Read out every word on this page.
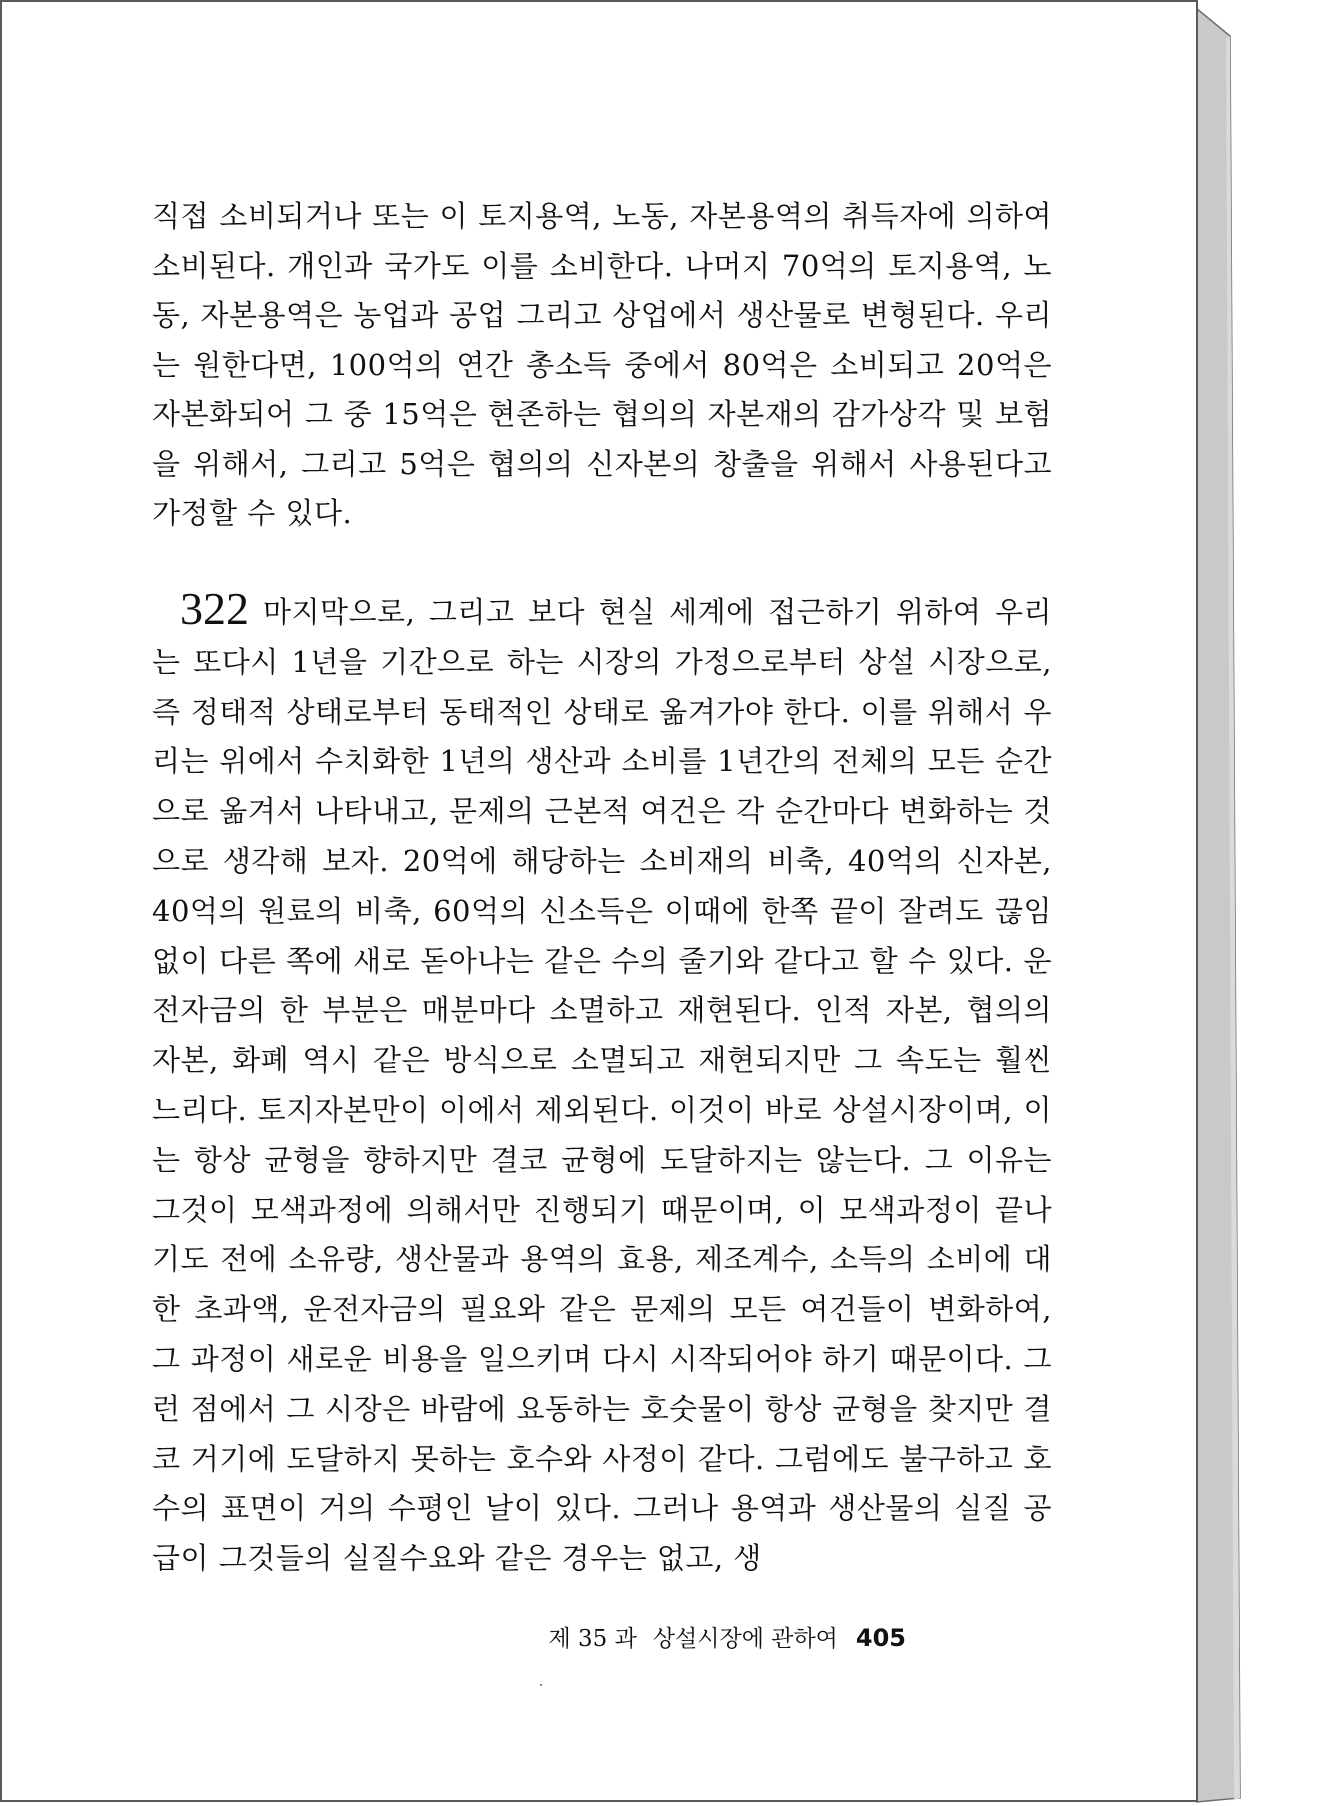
직접 소비되거나 또는 이 토지용역, 노동, 자본용역의 취득자에 의하여 소비된다. 개인과 국가도 이를 소비한다. 나머지 70억의 토지용역, 노동, 자본용역은 농업과 공업 그리고 상업에서 생산물로 변형된다. 우리는 원한다면, 100억의 연간 총소득 중에서 80억은 소비되고 20억은 자본화되어 그 중 15억은 현존하는 협의의 자본재의 감가상각 및 보험을 위해서, 그리고 5억은 협의의 신자본의 창출을 위해서 사용된다고 가정할 수 있다.
322 마지막으로, 그리고 보다 현실 세계에 접근하기 위하여 우리는 또다시 1년을 기간으로 하는 시장의 가정으로부터 상설 시장으로, 즉 정태적 상태로부터 동태적인 상태로 옮겨가야 한다. 이를 위해서 우리는 위에서 수치화한 1년의 생산과 소비를 1년간의 전체의 모든 순간으로 옮겨서 나타내고, 문제의 근본적 여건은 각 순간마다 변화하는 것으로 생각해 보자. 20억에 해당하는 소비재의 비축, 40억의 신자본, 40억의 원료의 비축, 60억의 신소득은 이때에 한쪽 끝이 잘려도 끊임없이 다른 쪽에 새로 돋아나는 같은 수의 줄기와 같다고 할 수 있다. 운전자금의 한 부분은 매분마다 소멸하고 재현된다. 인적 자본, 협의의 자본, 화폐 역시 같은 방식으로 소멸되고 재현되지만 그 속도는 훨씬 느리다. 토지자본만이 이에서 제외된다. 이것이 바로 상설시장이며, 이는 항상 균형을 향하지만 결코 균형에 도달하지는 않는다. 그 이유는 그것이 모색과정에 의해서만 진행되기 때문이며, 이 모색과정이 끝나기도 전에 소유량, 생산물과 용역의 효용, 제조계수, 소득의 소비에 대한 초과액, 운전자금의 필요와 같은 문제의 모든 여건들이 변화하여, 그 과정이 새로운 비용을 일으키며 다시 시작되어야 하기 때문이다. 그런 점에서 그 시장은 바람에 요동하는 호숫물이 항상 균형을 찾지만 결코 거기에 도달하지 못하는 호수와 사정이 같다. 그럼에도 불구하고 호수의 표면이 거의 수평인 날이 있다. 그러나 용역과 생산물의 실질 공급이 그것들의 실질수요와 같은 경우는 없고, 생
제 35 과 상설시장에 관하여 405
